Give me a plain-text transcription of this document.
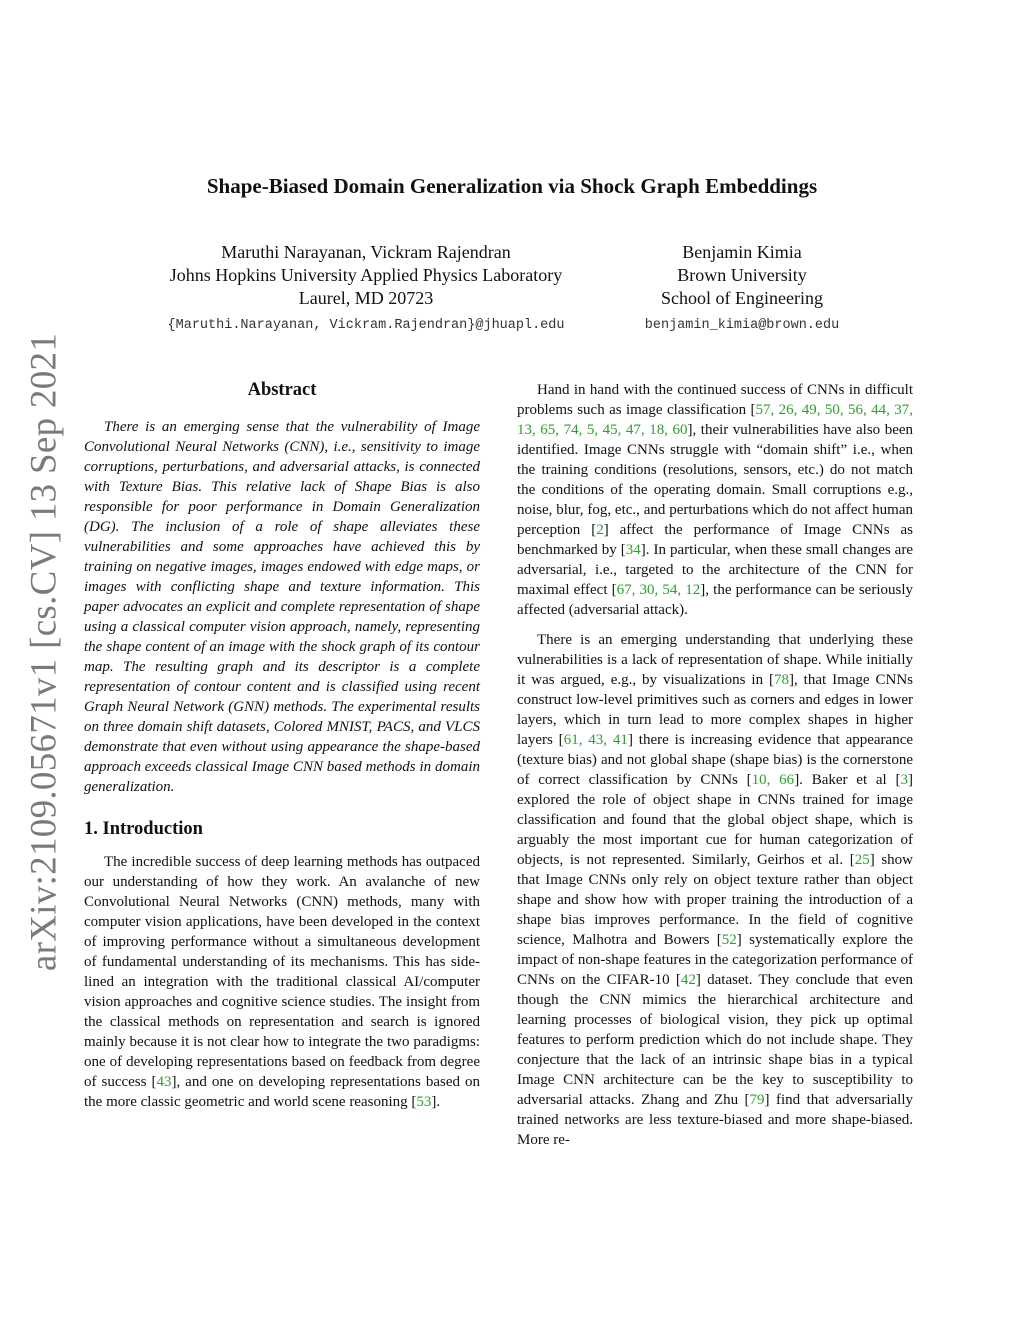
arXiv:2109.05671v1 [cs.CV] 13 Sep 2021
Shape-Biased Domain Generalization via Shock Graph Embeddings
Maruthi Narayanan, Vickram Rajendran
Johns Hopkins University Applied Physics Laboratory
Laurel, MD 20723
{Maruthi.Narayanan, Vickram.Rajendran}@jhuapl.edu
Benjamin Kimia
Brown University
School of Engineering
benjamin_kimia@brown.edu
Abstract

There is an emerging sense that the vulnerability of Image Convolutional Neural Networks (CNN), i.e., sensitivity to image corruptions, perturbations, and adversarial attacks, is connected with Texture Bias. This relative lack of Shape Bias is also responsible for poor performance in Domain Generalization (DG). The inclusion of a role of shape alleviates these vulnerabilities and some approaches have achieved this by training on negative images, images endowed with edge maps, or images with conflicting shape and texture information. This paper advocates an explicit and complete representation of shape using a classical computer vision approach, namely, representing the shape content of an image with the shock graph of its contour map. The resulting graph and its descriptor is a complete representation of contour content and is classified using recent Graph Neural Network (GNN) methods. The experimental results on three domain shift datasets, Colored MNIST, PACS, and VLCS demonstrate that even without using appearance the shape-based approach exceeds classical Image CNN based methods in domain generalization.

1. Introduction

The incredible success of deep learning methods has outpaced our understanding of how they work. An avalanche of new Convolutional Neural Networks (CNN) methods, many with computer vision applications, have been developed in the context of improving performance without a simultaneous development of fundamental understanding of its mechanisms. This has side-lined an integration with the traditional classical AI/computer vision approaches and cognitive science studies. The insight from the classical methods on representation and search is ignored mainly because it is not clear how to integrate the two paradigms: one of developing representations based on feedback from degree of success [43], and one on developing representations based on the more classic geometric and world scene reasoning [53].

Hand in hand with the continued success of CNNs in difficult problems such as image classification [57, 26, 49, 50, 56, 44, 37, 13, 65, 74, 5, 45, 47, 18, 60], their vulnerabilities have also been identified. Image CNNs struggle with “domain shift” i.e., when the training conditions (resolutions, sensors, etc.) do not match the conditions of the operating domain. Small corruptions e.g., noise, blur, fog, etc., and perturbations which do not affect human perception [2] affect the performance of Image CNNs as benchmarked by [34]. In particular, when these small changes are adversarial, i.e., targeted to the architecture of the CNN for maximal effect [67, 30, 54, 12], the performance can be seriously affected (adversarial attack).

There is an emerging understanding that underlying these vulnerabilities is a lack of representation of shape. While initially it was argued, e.g., by visualizations in [78], that Image CNNs construct low-level primitives such as corners and edges in lower layers, which in turn lead to more complex shapes in higher layers [61, 43, 41] there is increasing evidence that appearance (texture bias) and not global shape (shape bias) is the cornerstone of correct classification by CNNs [10, 66]. Baker et al [3] explored the role of object shape in CNNs trained for image classification and found that the global object shape, which is arguably the most important cue for human categorization of objects, is not represented. Similarly, Geirhos et al. [25] show that Image CNNs only rely on object texture rather than object shape and show how with proper training the introduction of a shape bias improves performance. In the field of cognitive science, Malhotra and Bowers [52] systematically explore the impact of non-shape features in the categorization performance of CNNs on the CIFAR-10 [42] dataset. They conclude that even though the CNN mimics the hierarchical architecture and learning processes of biological vision, they pick up optimal features to perform prediction which do not include shape. They conjecture that the lack of an intrinsic shape bias in a typical Image CNN architecture can be the key to susceptibility to adversarial attacks. Zhang and Zhu [79] find that adversarially trained networks are less texture-biased and more shape-biased. More re-
